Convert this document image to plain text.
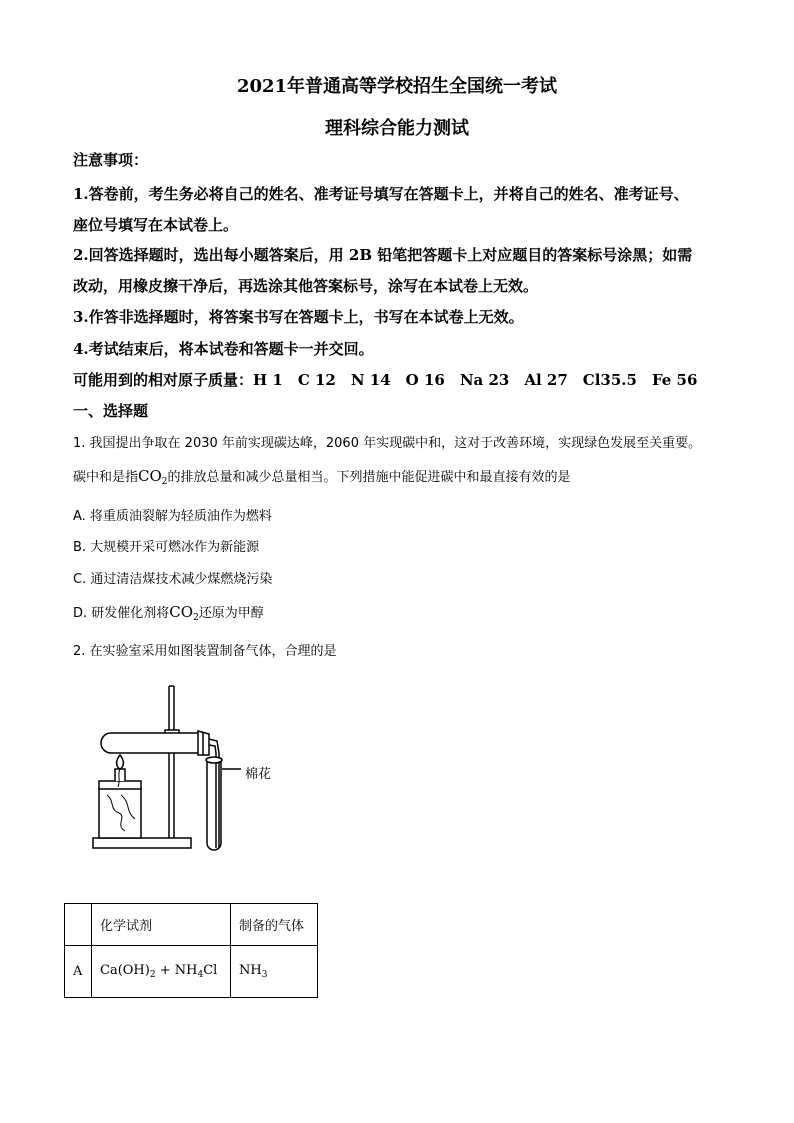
2021年普通高等学校招生全国统一考试
理科综合能力测试
注意事项：
1.答卷前，考生务必将自己的姓名、准考证号填写在答题卡上，并将自己的姓名、准考证号、
座位号填写在本试卷上。
2.回答选择题时，选出每小题答案后，用 2B 铅笔把答题卡上对应题目的答案标号涂黑；如需
改动，用橡皮擦干净后，再选涂其他答案标号，涂写在本试卷上无效。
3.作答非选择题时，将答案书写在答题卡上，书写在本试卷上无效。
4.考试结束后，将本试卷和答题卡一并交回。
可能用到的相对原子质量：H 1　C 12　N 14　O 16　Na 23　Al 27　Cl35.5　Fe 56
一、选择题
1. 我国提出争取在 2030 年前实现碳达峰，2060 年实现碳中和，这对于改善环境，实现绿色发展至关重要。
碳中和是指$CO_2$的排放总量和减少总量相当。下列措施中能促进碳中和最直接有效的是
A. 将重质油裂解为轻质油作为燃料
B. 大规模开采可燃冰作为新能源
C. 通过清洁煤技术减少煤燃烧污染
D. 研发催化剂将$CO_2$还原为甲醇
2. 在实验室采用如图装置制备气体，合理的是
棉花
	化学试剂	制备的气体
A	$Ca(OH)_2 + NH_4Cl$	$NH_3$
